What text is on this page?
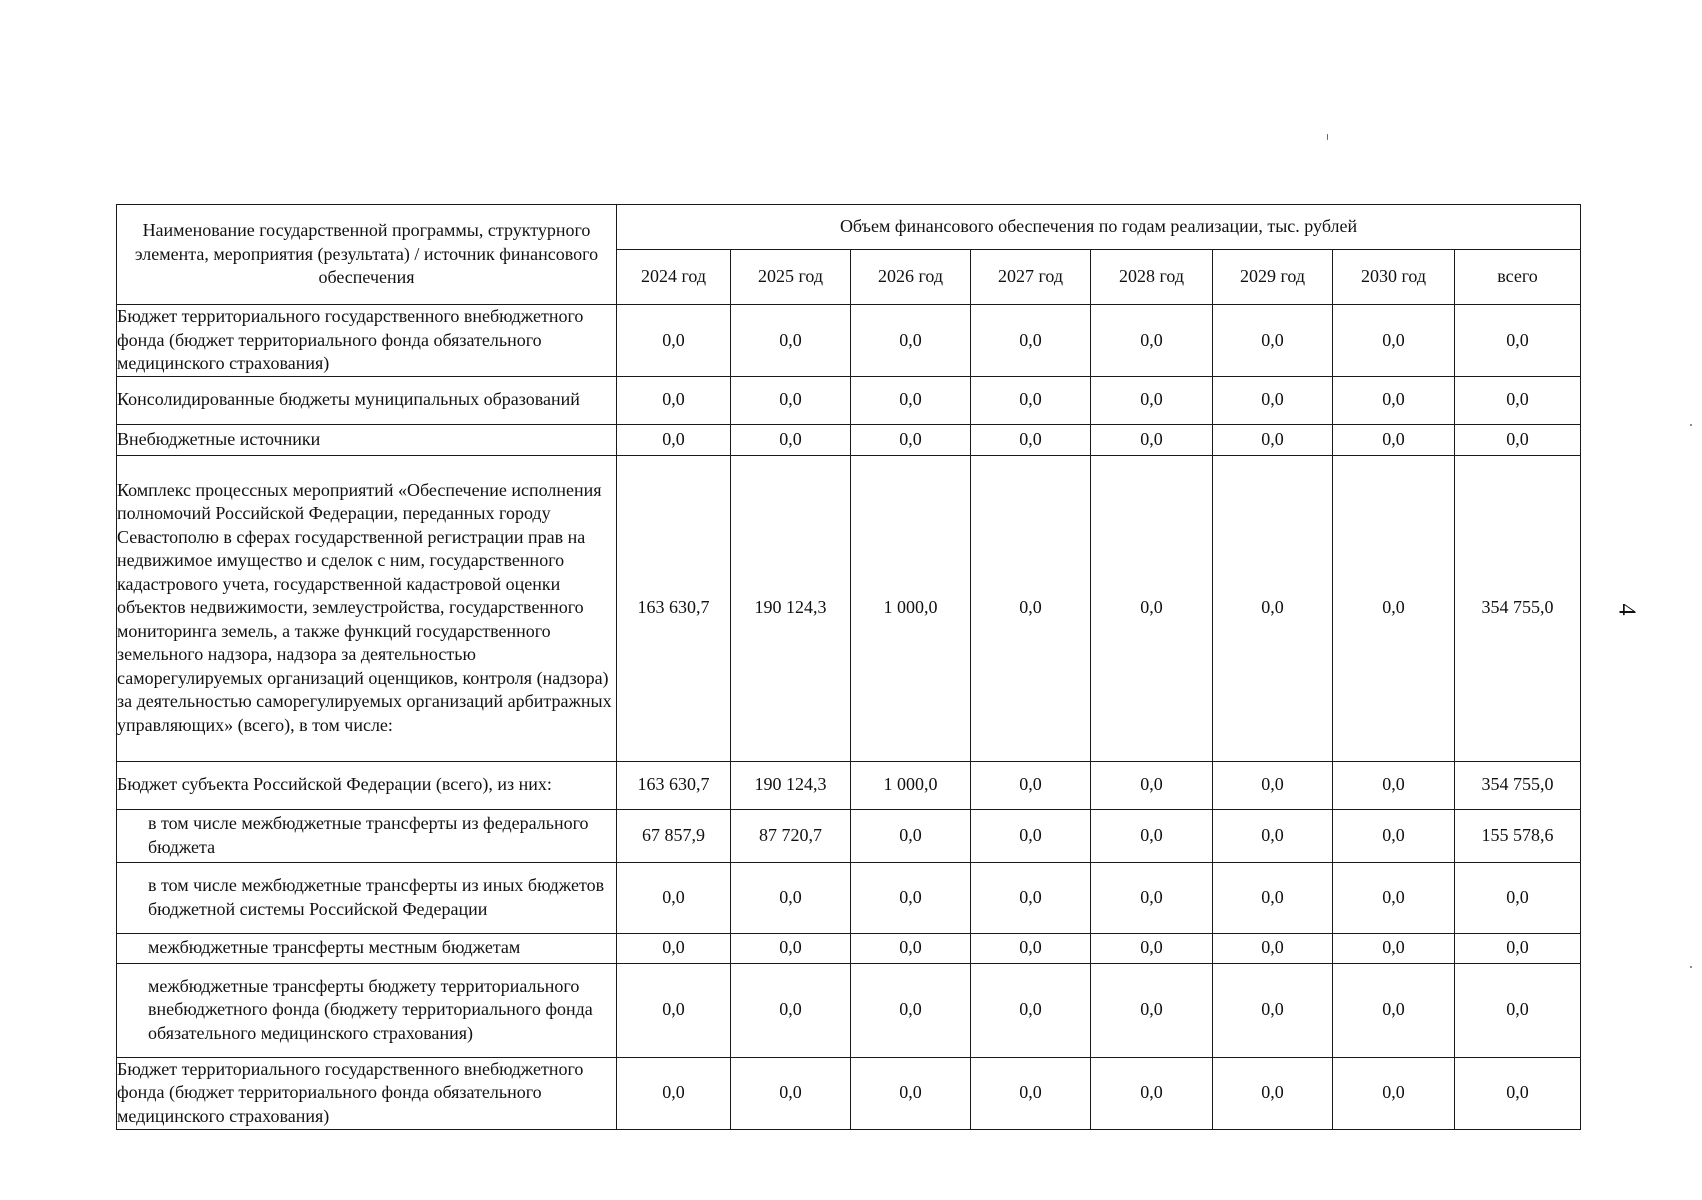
Наименование государственной программы, структурного элемента, мероприятия (результата) / источник финансового обеспечения	Объем финансового обеспечения по годам реализации, тыс. рублей							
	2024 год	2025 год	2026 год	2027 год	2028 год	2029 год	2030 год	всего
Бюджет территориального государственного внебюджетного фонда (бюджет территориального фонда обязательного медицинского страхования)	0,0	0,0	0,0	0,0	0,0	0,0	0,0	0,0
Консолидированные бюджеты муниципальных образований	0,0	0,0	0,0	0,0	0,0	0,0	0,0	0,0
Внебюджетные источники	0,0	0,0	0,0	0,0	0,0	0,0	0,0	0,0
Комплекс процессных мероприятий «Обеспечение исполнения полномочий Российской Федерации, переданных городу Севастополю в сферах государственной регистрации прав на недвижимое имущество и сделок с ним, государственного кадастрового учета, государственной кадастровой оценки объектов недвижимости, землеустройства, государственного мониторинга земель, а также функций государственного земельного надзора, надзора за деятельностью саморегулируемых организаций оценщиков, контроля (надзора) за деятельностью саморегулируемых организаций арбитражных управляющих» (всего), в том числе:	163 630,7	190 124,3	1 000,0	0,0	0,0	0,0	0,0	354 755,0
Бюджет субъекта Российской Федерации (всего), из них:	163 630,7	190 124,3	1 000,0	0,0	0,0	0,0	0,0	354 755,0
в том числе межбюджетные трансферты из федерального бюджета	67 857,9	87 720,7	0,0	0,0	0,0	0,0	0,0	155 578,6
в том числе межбюджетные трансферты из иных бюджетов бюджетной системы Российской Федерации	0,0	0,0	0,0	0,0	0,0	0,0	0,0	0,0
межбюджетные трансферты местным бюджетам	0,0	0,0	0,0	0,0	0,0	0,0	0,0	0,0
межбюджетные трансферты бюджету территориального внебюджетного фонда (бюджету территориального фонда обязательного медицинского страхования)	0,0	0,0	0,0	0,0	0,0	0,0	0,0	0,0
Бюджет территориального государственного внебюджетного фонда (бюджет территориального фонда обязательного медицинского страхования)	0,0	0,0	0,0	0,0	0,0	0,0	0,0	0,0
4
